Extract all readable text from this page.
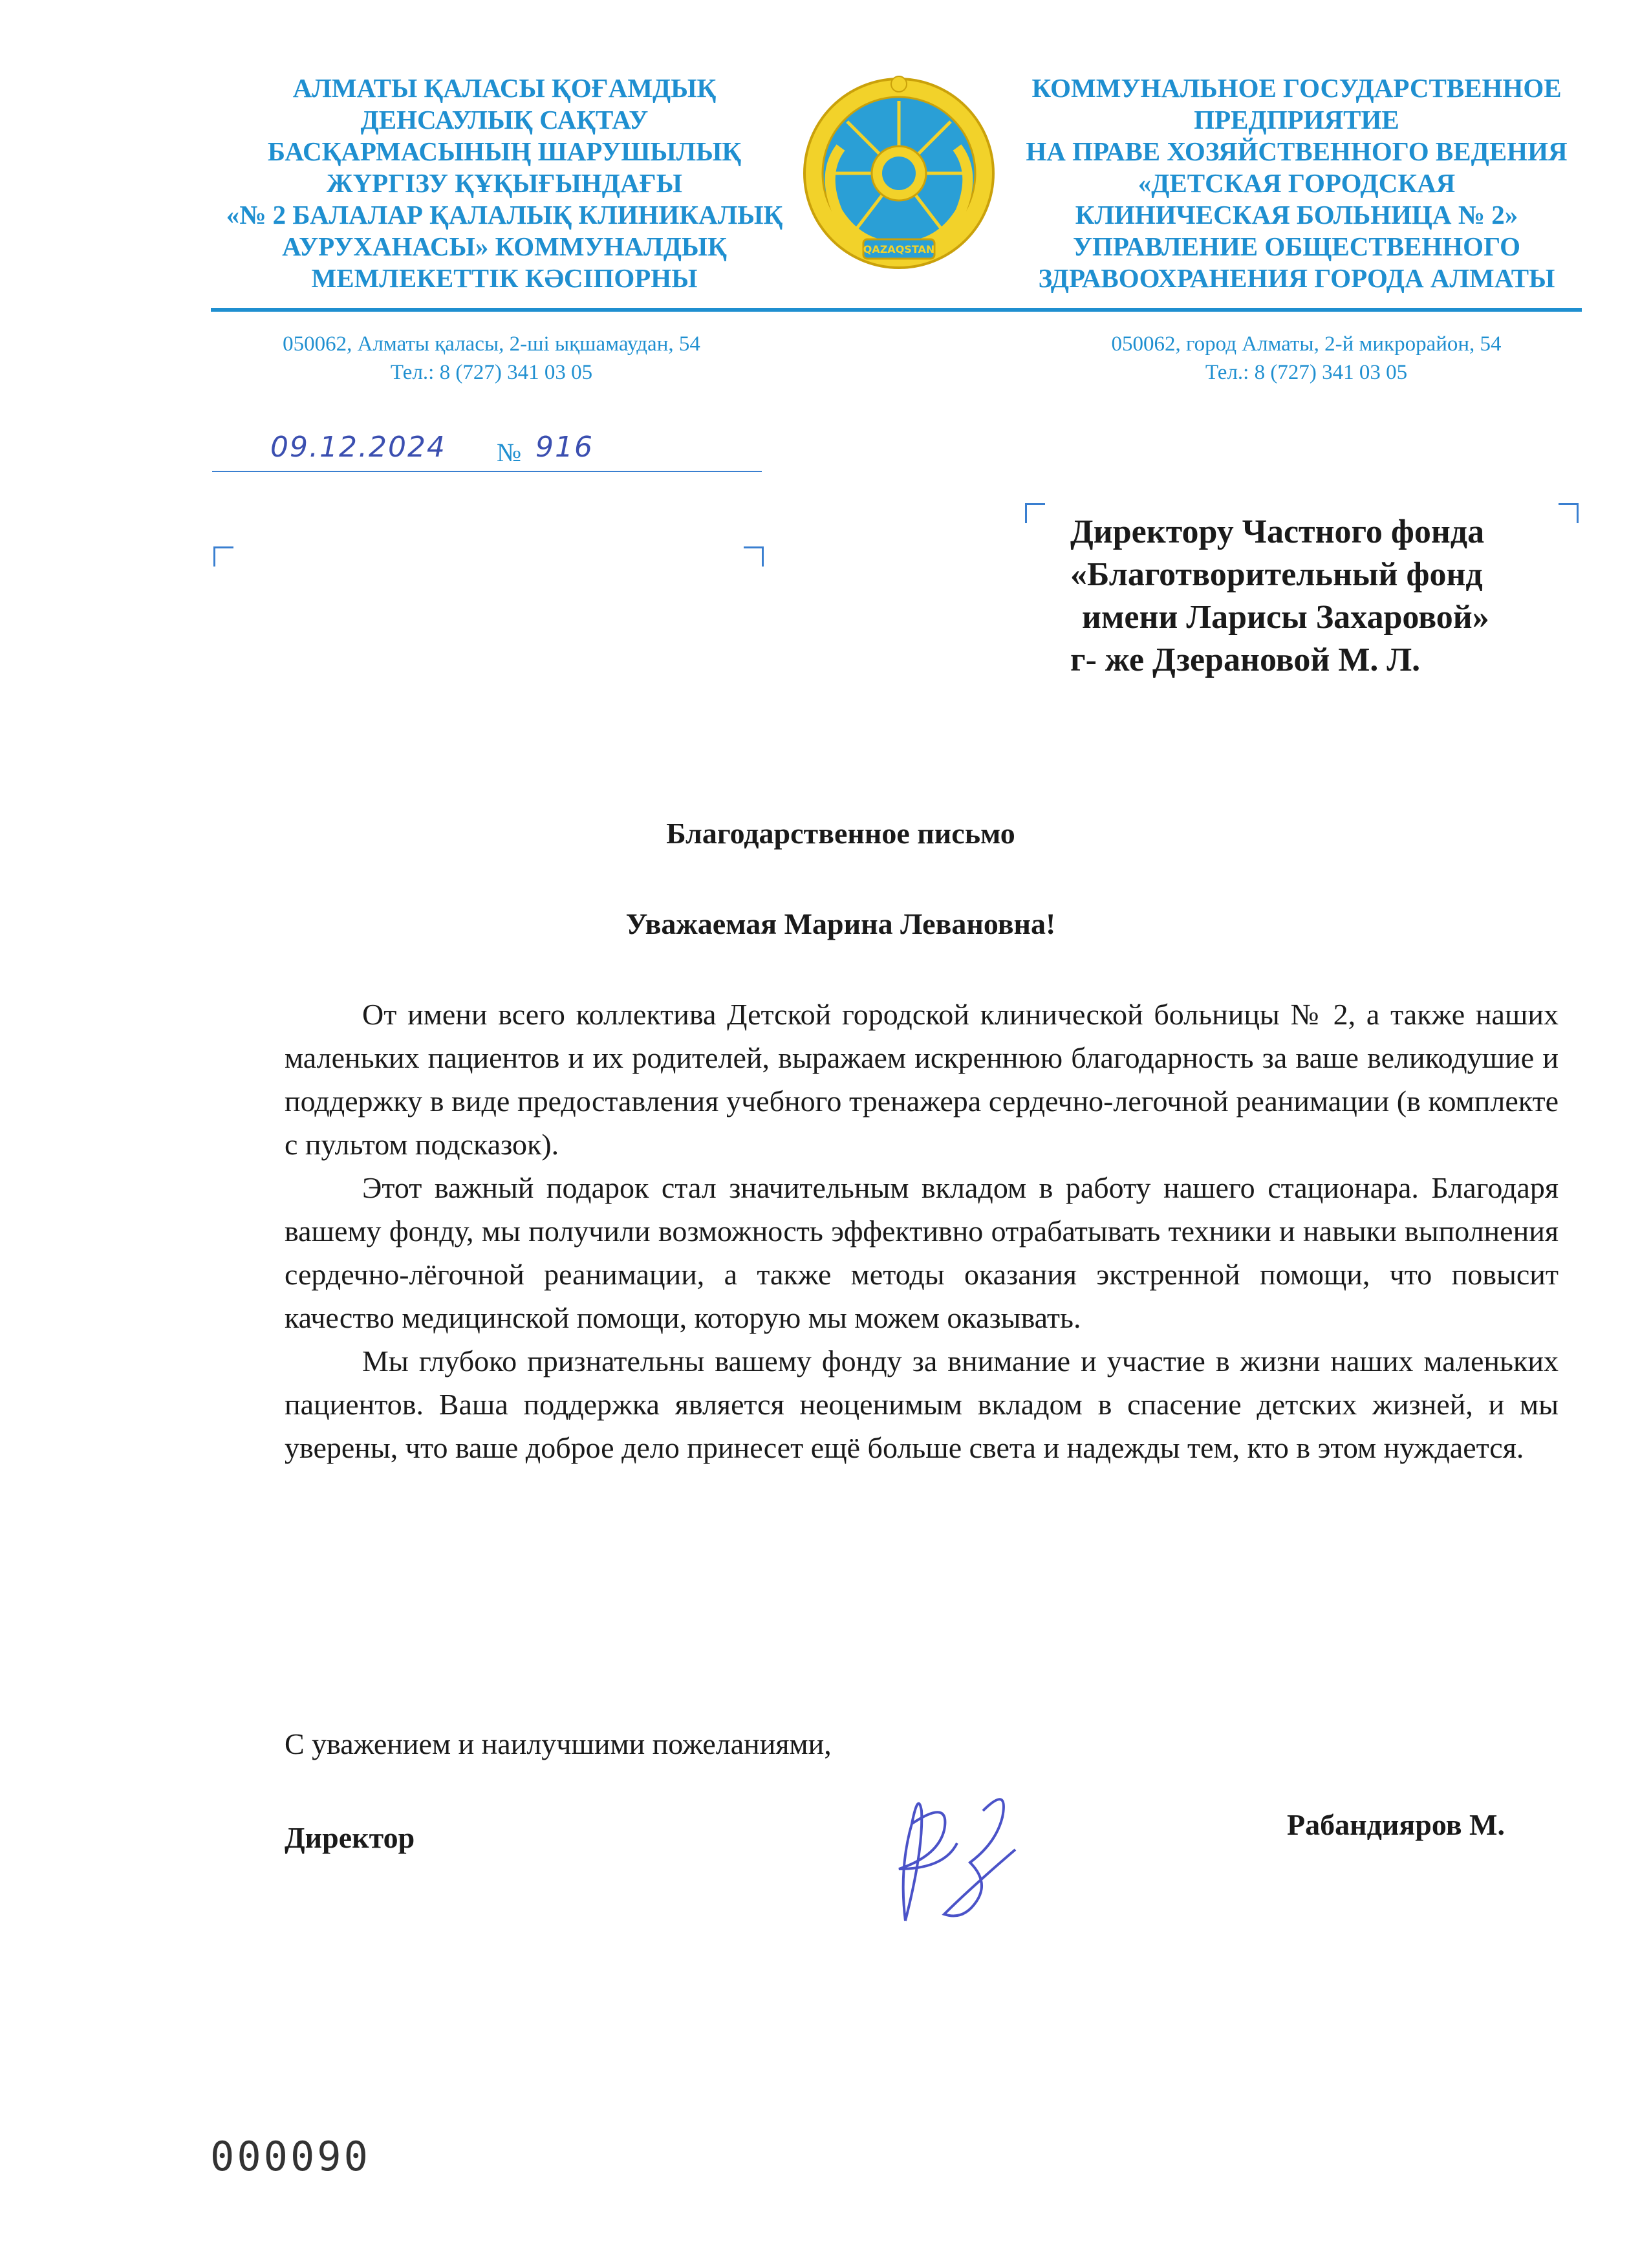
АЛМАТЫ ҚАЛАСЫ ҚОҒАМДЫҚ
ДЕНСАУЛЫҚ САҚТАУ
БАСҚАРМАСЫНЫҢ ШАРУШЫЛЫҚ
ЖҮРГІЗУ ҚҰҚЫҒЫНДАҒЫ
«№ 2 БАЛАЛАР ҚАЛАЛЫҚ КЛИНИКАЛЫҚ
АУРУХАНАСЫ» КОММУНАЛДЫҚ
МЕМЛЕКЕТТІК КӘСІПОРНЫ
QAZAQSTAN
КОММУНАЛЬНОЕ ГОСУДАРСТВЕННОЕ
ПРЕДПРИЯТИЕ
НА ПРАВЕ ХОЗЯЙСТВЕННОГО ВЕДЕНИЯ
«ДЕТСКАЯ ГОРОДСКАЯ
КЛИНИЧЕСКАЯ БОЛЬНИЦА № 2»
УПРАВЛЕНИЕ ОБЩЕСТВЕННОГО
ЗДРАВООХРАНЕНИЯ ГОРОДА АЛМАТЫ
050062, Алматы қаласы, 2-ші ықшамаудан, 54
Тел.: 8 (727) 341 03 05
050062, город Алматы, 2-й микрорайон, 54
Тел.: 8 (727) 341 03 05
09.12.2024 № 916
Директору Частного фонда
«Благотворительный фонд
имени Ларисы Захаровой»
г- же Дзерановой М. Л.
Благодарственное письмо
Уважаемая Марина Левановна!

От имени всего коллектива Детской городской клинической больницы № 2, а также наших маленьких пациентов и их родителей, выражаем искреннюю благодарность за ваше великодушие и поддержку в виде предоставления учебного тренажера сердечно-легочной реанимации (в комплекте с пультом подсказок).

Этот важный подарок стал значительным вкладом в работу нашего стационара. Благодаря вашему фонду, мы получили возможность эффективно отрабатывать техники и навыки выполнения сердечно-лёгочной реанимации, а также методы оказания экстренной помощи, что повысит качество медицинской помощи, которую мы можем оказывать.

Мы глубоко признательны вашему фонду за внимание и участие в жизни наших маленьких пациентов. Ваша поддержка является неоценимым вкладом в спасение детских жизней, и мы уверены, что ваше доброе дело принесет ещё больше света и надежды тем, кто в этом нуждается.

С уважением и наилучшими пожеланиями,
Директор	Рабандияров М.
000090
